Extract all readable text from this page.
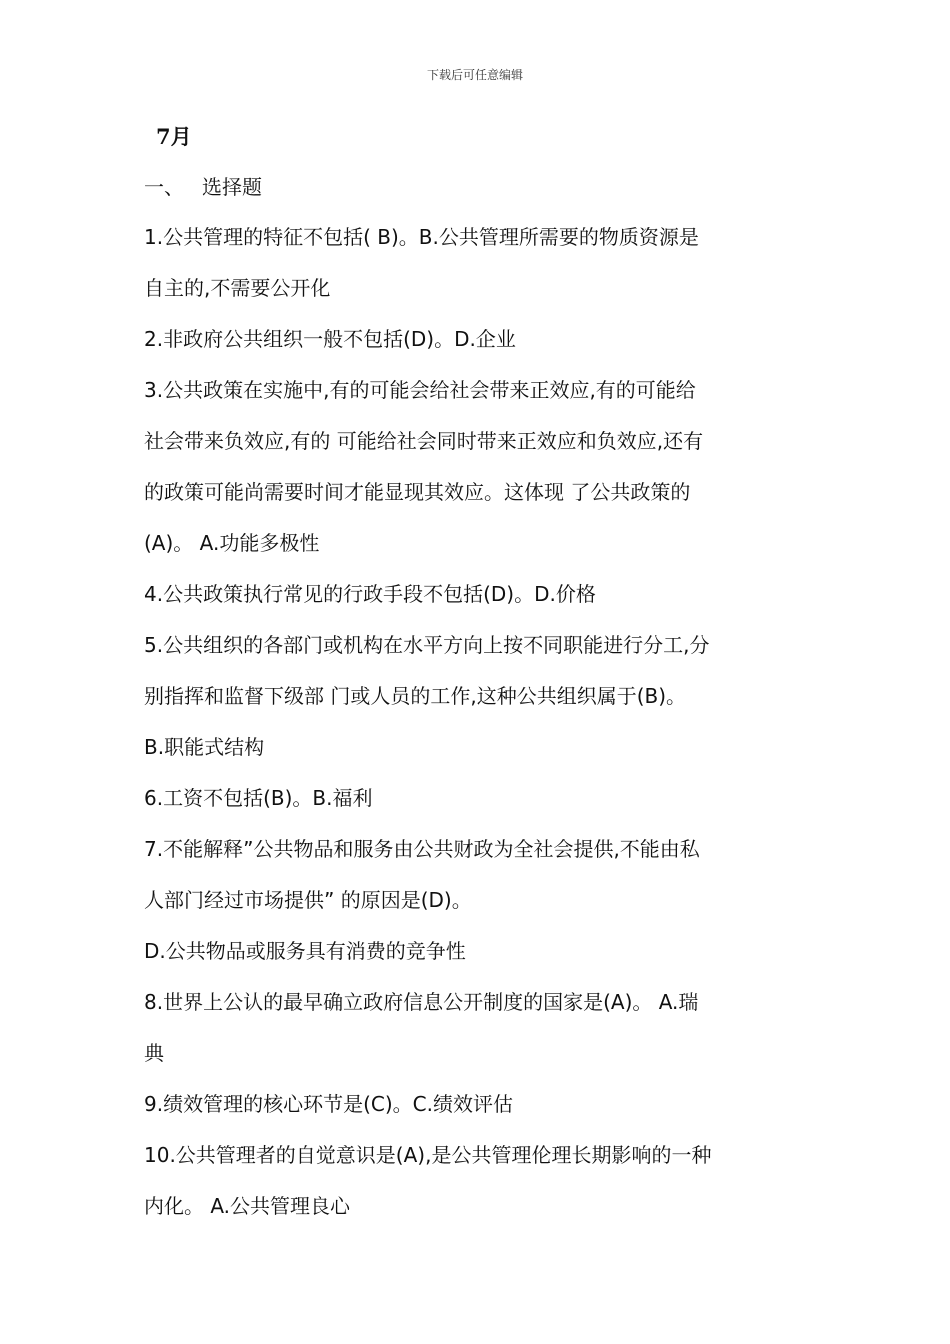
下载后可任意编辑

7月

一、 选择题

1.公共管理的特征不包括( B)。B.公共管理所需要的物质资源是

自主的,不需要公开化

2.非政府公共组织一般不包括(D)。D.企业

3.公共政策在实施中,有的可能会给社会带来正效应,有的可能给

社会带来负效应,有的 可能给社会同时带来正效应和负效应,还有

的政策可能尚需要时间才能显现其效应。这体现 了公共政策的

(A)。 A.功能多极性

4.公共政策执行常见的行政手段不包括(D)。D.价格

5.公共组织的各部门或机构在水平方向上按不同职能进行分工,分

别指挥和监督下级部 门或人员的工作,这种公共组织属于(B)。

B.职能式结构

6.工资不包括(B)。B.福利

7.不能解释”公共物品和服务由公共财政为全社会提供,不能由私

人部门经过市场提供” 的原因是(D)。

D.公共物品或服务具有消费的竞争性

8.世界上公认的最早确立政府信息公开制度的国家是(A)。 A.瑞

典

9.绩效管理的核心环节是(C)。C.绩效评估

10.公共管理者的自觉意识是(A),是公共管理伦理长期影响的一种

内化。 A.公共管理良心
